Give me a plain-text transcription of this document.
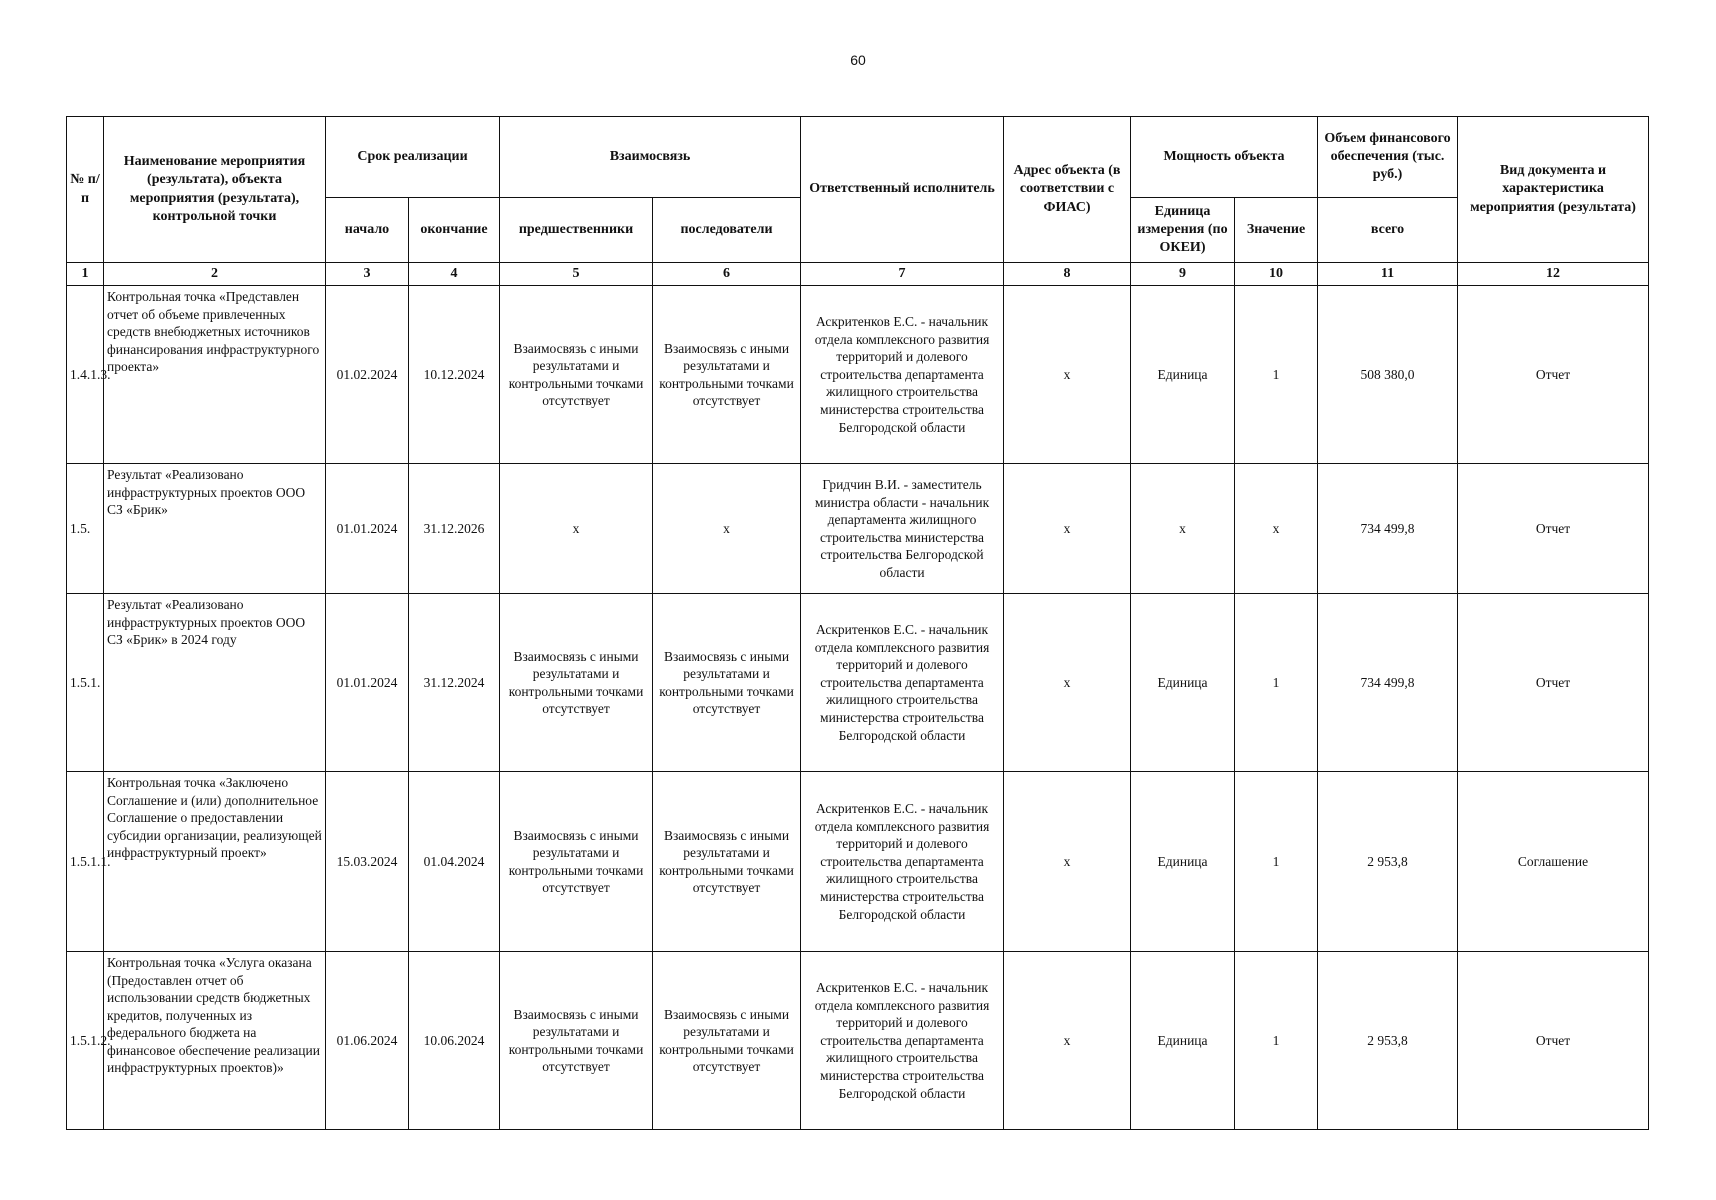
60
№ п/п	Наименование мероприятия (результата), объекта мероприятия (результата), контрольной точки	Срок реализации		Взаимосвязь		Ответственный исполнитель	Адрес объекта (в соответствии с ФИАС)	Мощность объекта		Объем финансового обеспечения (тыс. руб.)	Вид документа и характеристика мероприятия (результата)
		начало	окончание	предшественники	последователи			Единица измерения (по ОКЕИ)	Значение	всего	
1	2	3	4	5	6	7	8	9	10	11	12
1.4.1.3.	Контрольная точка «Представлен отчет об объеме привлеченных средств внебюджетных источников финансирования инфраструктурного проекта»	01.02.2024	10.12.2024	Взаимосвязь с иными результатами и контрольными точками отсутствует	Взаимосвязь с иными результатами и контрольными точками отсутствует	Аскритенков Е.С. - начальник отдела комплексного развития территорий и долевого строительства департамента жилищного строительства министерства строительства Белгородской области	x	Единица	1	508 380,0	Отчет
1.5.	Результат «Реализовано инфраструктурных проектов ООО СЗ «Брик»	01.01.2024	31.12.2026	x	x	Гридчин В.И. - заместитель министра области - начальник департамента жилищного строительства министерства строительства Белгородской области	x	x	x	734 499,8	Отчет
1.5.1.	Результат «Реализовано инфраструктурных проектов ООО СЗ «Брик» в 2024 году	01.01.2024	31.12.2024	Взаимосвязь с иными результатами и контрольными точками отсутствует	Взаимосвязь с иными результатами и контрольными точками отсутствует	Аскритенков Е.С. - начальник отдела комплексного развития территорий и долевого строительства департамента жилищного строительства министерства строительства Белгородской области	x	Единица	1	734 499,8	Отчет
1.5.1.1.	Контрольная точка «Заключено Соглашение и (или) дополнительное Соглашение о предоставлении субсидии организации, реализующей инфраструктурный проект»	15.03.2024	01.04.2024	Взаимосвязь с иными результатами и контрольными точками отсутствует	Взаимосвязь с иными результатами и контрольными точками отсутствует	Аскритенков Е.С. - начальник отдела комплексного развития территорий и долевого строительства департамента жилищного строительства министерства строительства Белгородской области	x	Единица	1	2 953,8	Соглашение
1.5.1.2.	Контрольная точка «Услуга оказана (Предоставлен отчет об использовании средств бюджетных кредитов, полученных из федерального бюджета на финансовое обеспечение реализации инфраструктурных проектов)»	01.06.2024	10.06.2024	Взаимосвязь с иными результатами и контрольными точками отсутствует	Взаимосвязь с иными результатами и контрольными точками отсутствует	Аскритенков Е.С. - начальник отдела комплексного развития территорий и долевого строительства департамента жилищного строительства министерства строительства Белгородской области	x	Единица	1	2 953,8	Отчет
